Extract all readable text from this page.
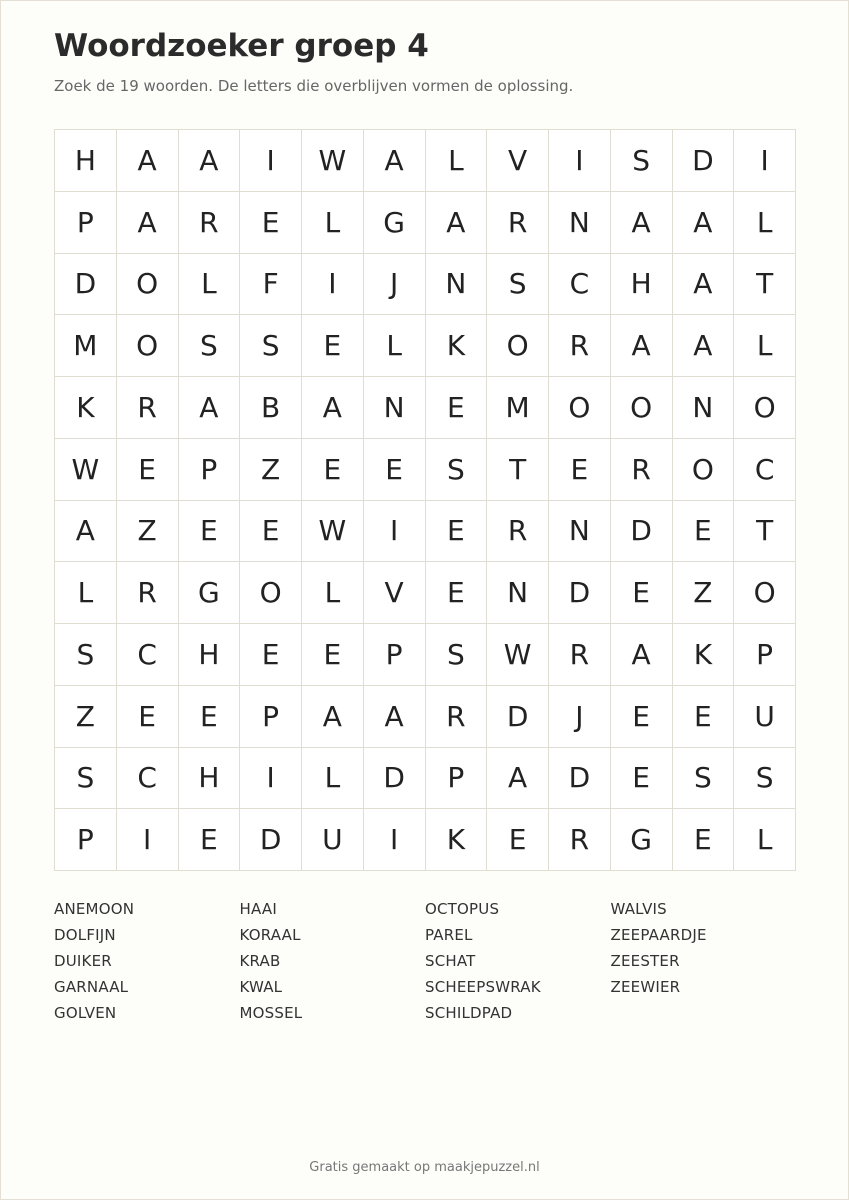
Woordzoeker groep 4
Zoek de 19 woorden. De letters die overblijven vormen de oplossing.
H	A	A	I	W	A	L	V	I	S	D	I
P	A	R	E	L	G	A	R	N	A	A	L
D	O	L	F	I	J	N	S	C	H	A	T
M	O	S	S	E	L	K	O	R	A	A	L
K	R	A	B	A	N	E	M	O	O	N	O
W	E	P	Z	E	E	S	T	E	R	O	C
A	Z	E	E	W	I	E	R	N	D	E	T
L	R	G	O	L	V	E	N	D	E	Z	O
S	C	H	E	E	P	S	W	R	A	K	P
Z	E	E	P	A	A	R	D	J	E	E	U
S	C	H	I	L	D	P	A	D	E	S	S
P	I	E	D	U	I	K	E	R	G	E	L
ANEMOON
DOLFIJN
DUIKER
GARNAAL
GOLVEN
HAAI
KORAAL
KRAB
KWAL
MOSSEL
OCTOPUS
PAREL
SCHAT
SCHEEPSWRAK
SCHILDPAD
WALVIS
ZEEPAARDJE
ZEESTER
ZEEWIER
Gratis gemaakt op maakjepuzzel.nl
